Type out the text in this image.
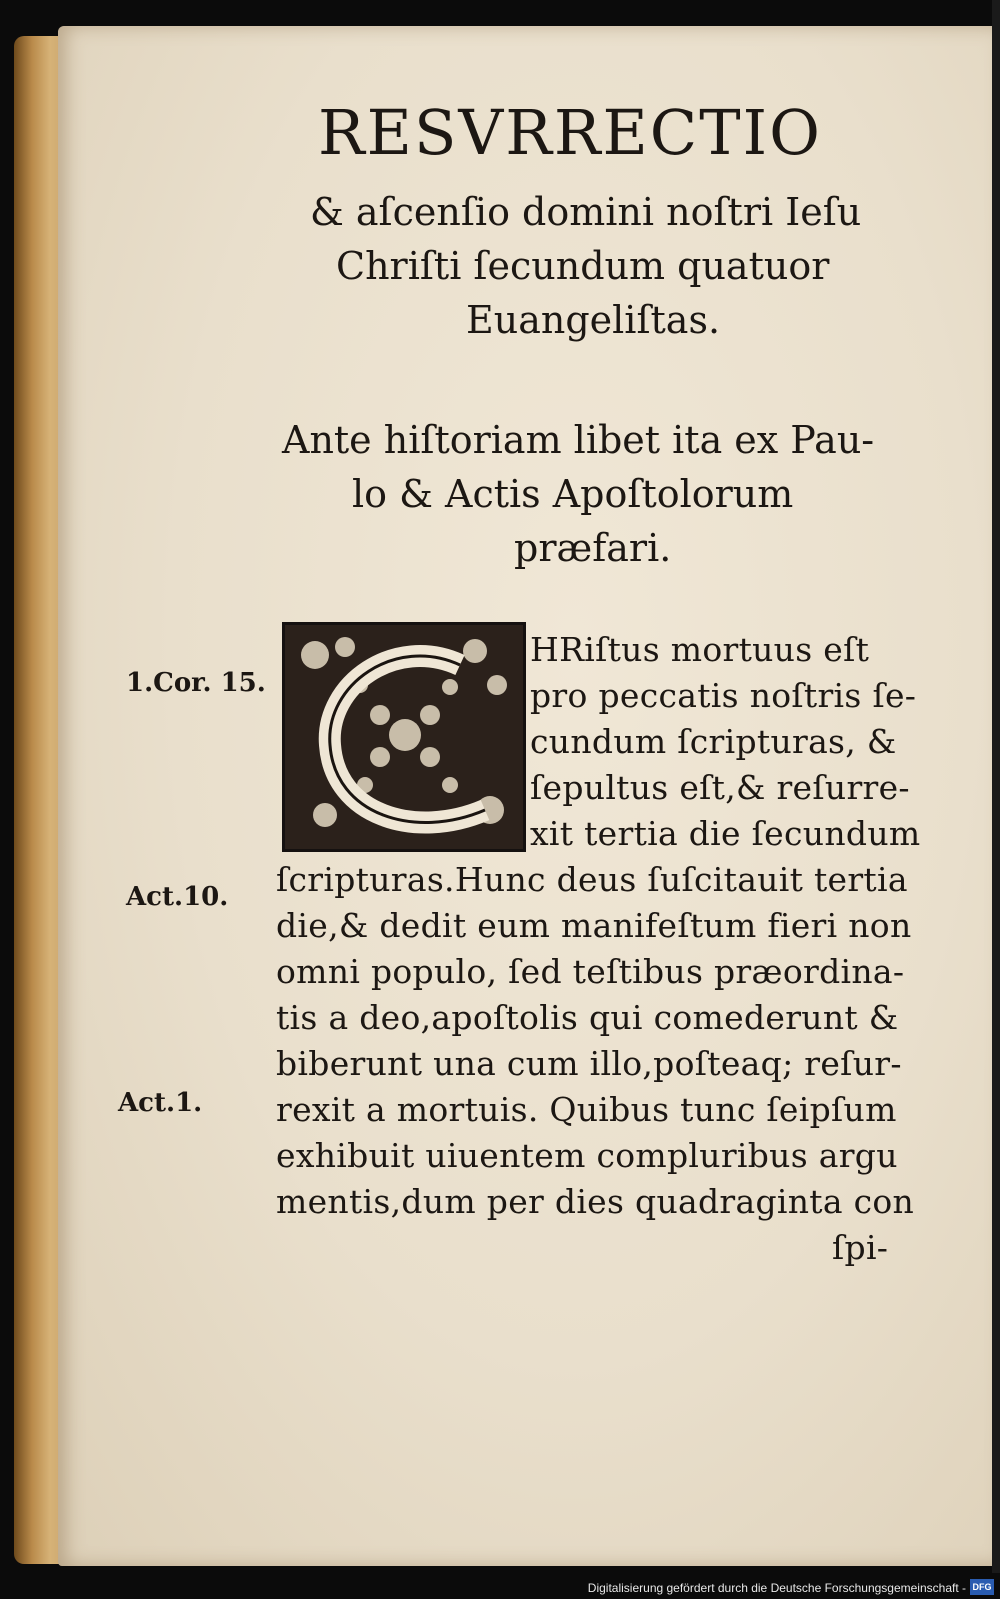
RESVRRECTIO
& aſcenſio domini noſtri Ieſu
Chriſti ſecundum quatuor
Euangeliſtas.
Ante hiſtoriam libet ita ex Pau-
lo & Actis Apoſtolorum
præfari.
HRiſtus mortuus eſt
pro peccatis noſtris ſe-
cundum ſcripturas, &
ſepultus eſt,& reſurre-
xit tertia die ſecundum
ſcripturas.Hunc deus ſuſcitauit tertia
die,& dedit eum manifeſtum fieri non
omni populo, ſed teſtibus præordina-
tis a deo,apoſtolis qui comederunt &
biberunt una cum illo,poſteaq; reſur-
rexit a mortuis. Quibus tunc ſeipſum
exhibuit uiuentem compluribus argu
mentis,dum per dies quadraginta con
ſpi-
1.Cor. 15.
Act.10.
Act.1.
Digitalisierung gefördert durch die Deutsche Forschungsgemeinschaft - DFG
